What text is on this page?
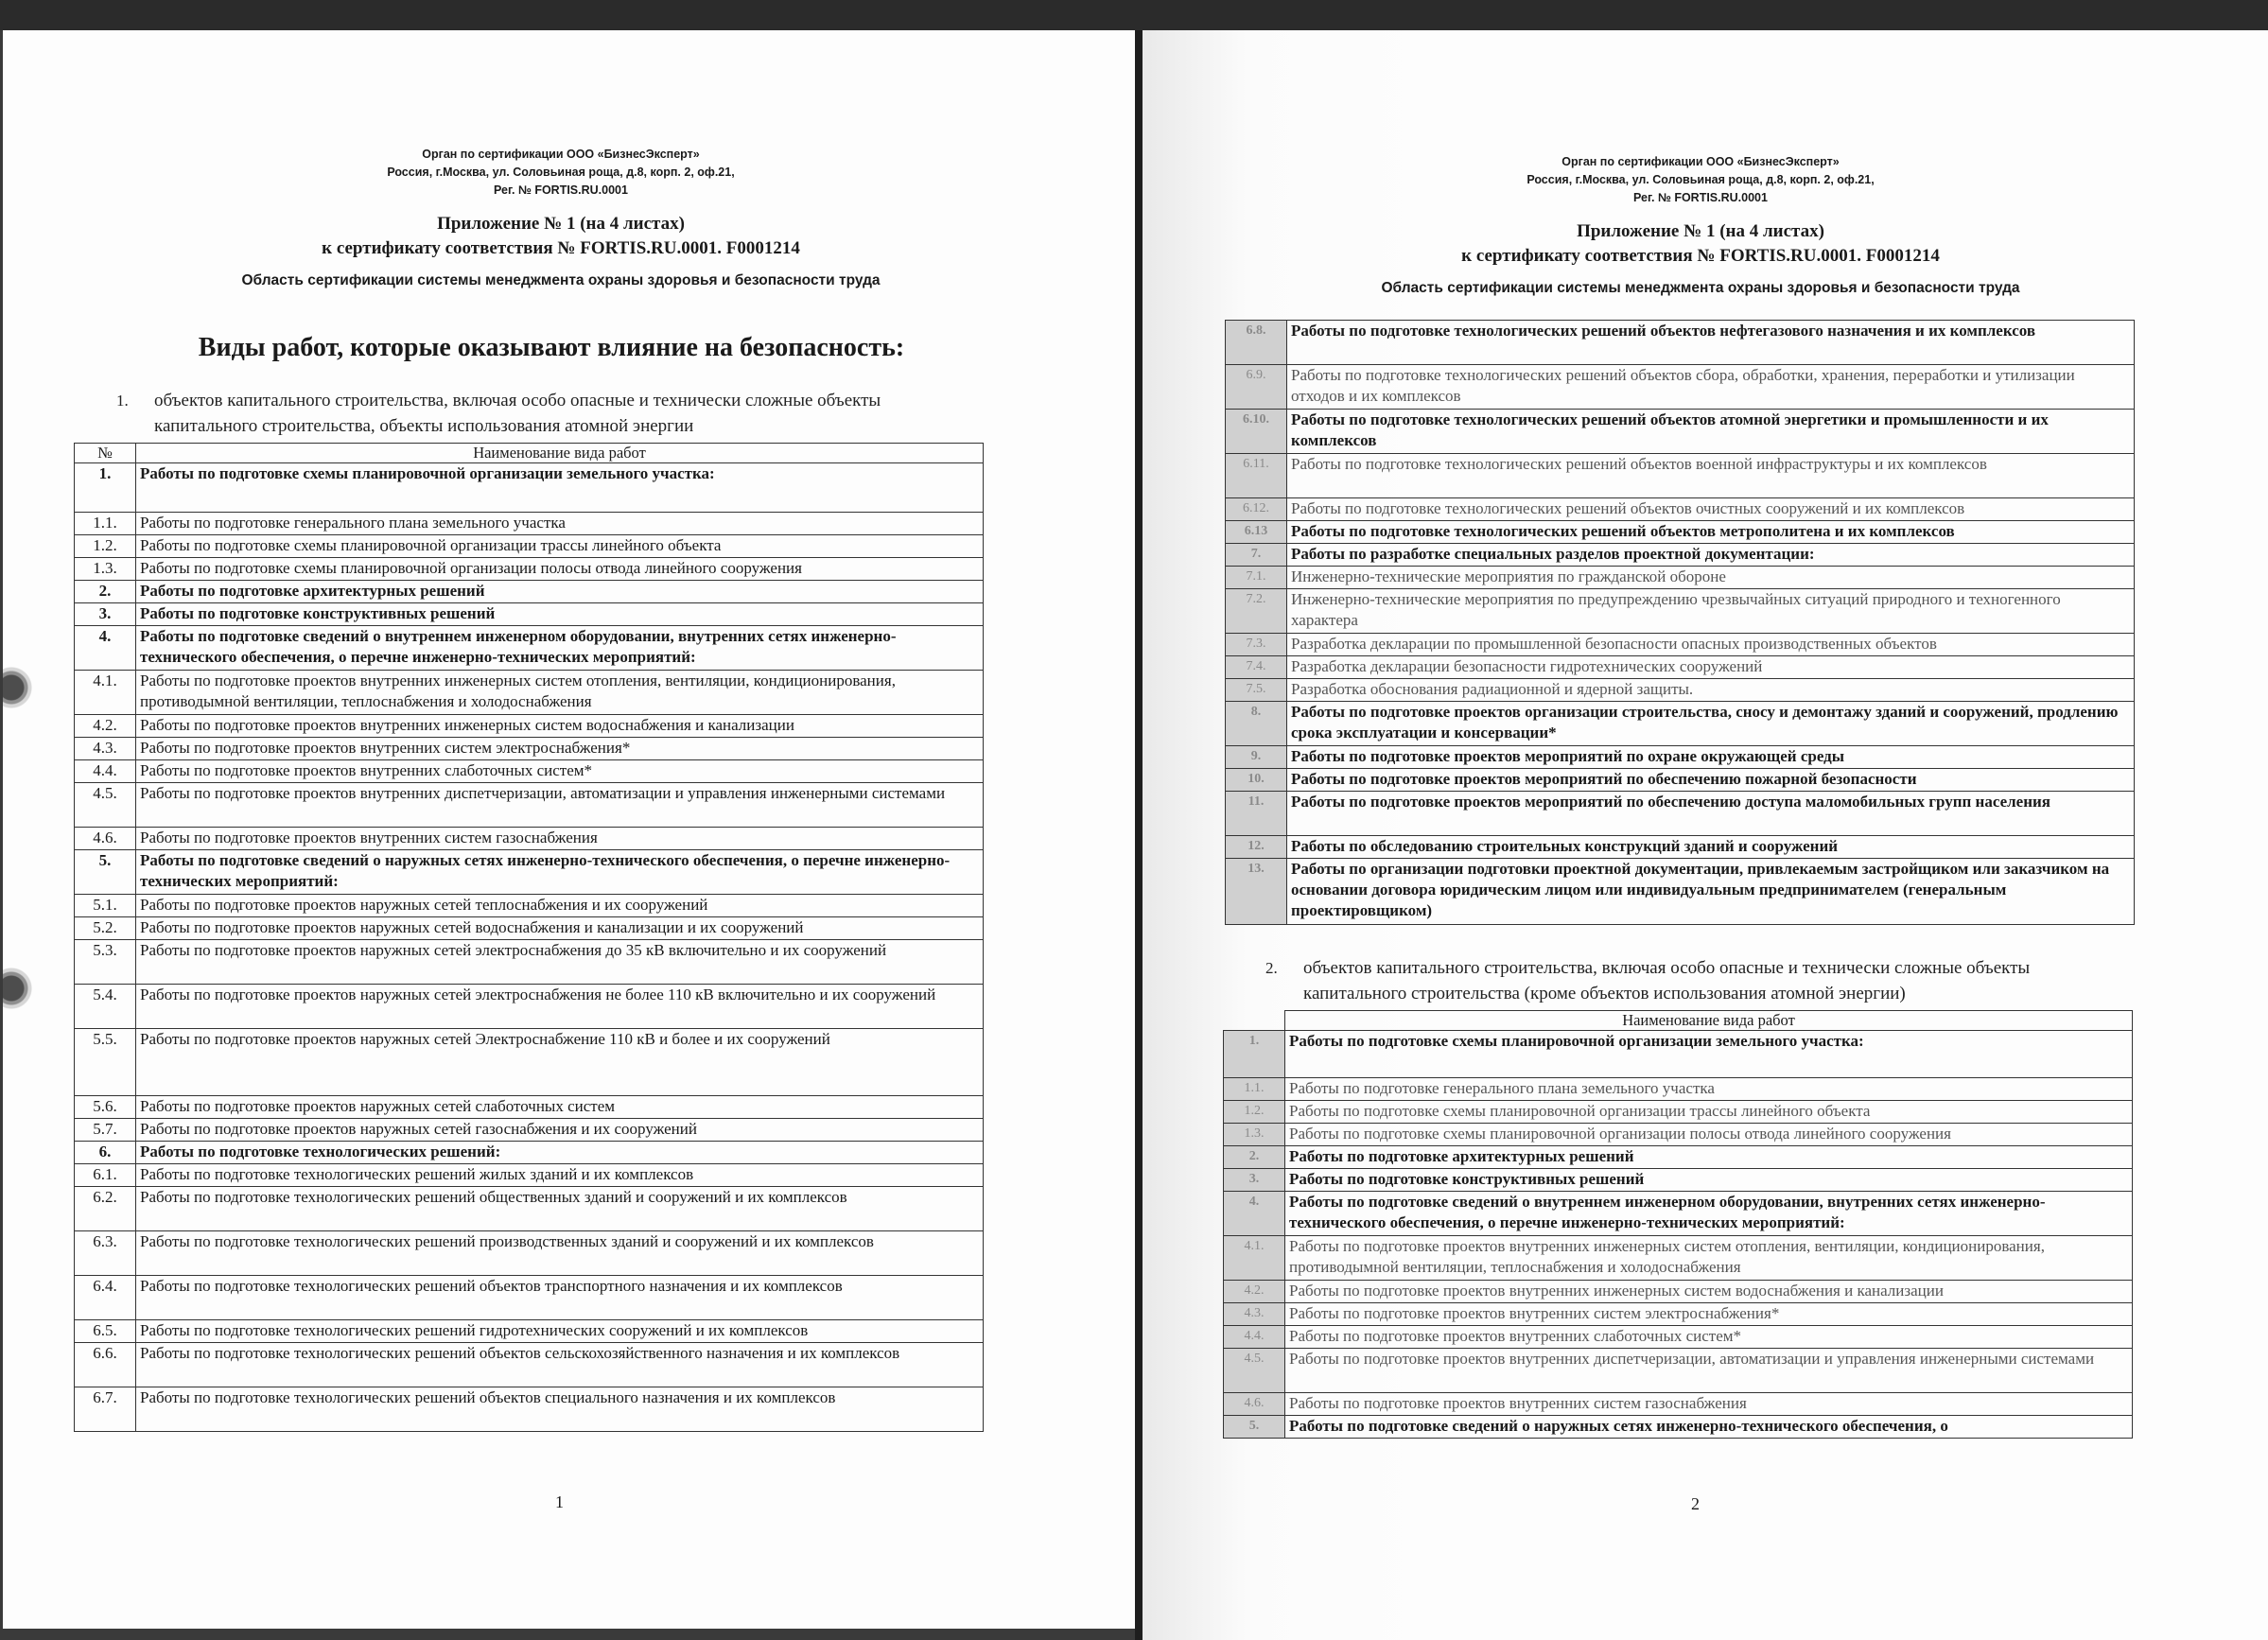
Орган по сертификации ООО «БизнесЭксперт»
Россия, г.Москва, ул. Соловьиная роща, д.8, корп. 2, оф.21,
Рег. № FORTIS.RU.0001
Приложение № 1 (на 4 листах)
к сертификату соответствия № FORTIS.RU.0001. F0001214
Область сертификации системы менеджмента охраны здоровья и безопасности труда
Виды работ, которые оказывают влияние на безопасность:
1. объектов капитального строительства, включая особо опасные и технически сложные объекты
капитального строительства, объекты использования атомной энергии
№	Наименование вида работ
1.	Работы по подготовке схемы планировочной организации земельного участка:
1.1.	Работы по подготовке генерального плана земельного участка
1.2.	Работы по подготовке схемы планировочной организации трассы линейного объекта
1.3.	Работы по подготовке схемы планировочной организации полосы отвода линейного сооружения
2.	Работы по подготовке архитектурных решений
3.	Работы по подготовке конструктивных решений
4.	Работы по подготовке сведений о внутреннем инженерном оборудовании, внутренних сетях инженерно-технического обеспечения, о перечне инженерно-технических мероприятий:
4.1.	Работы по подготовке проектов внутренних инженерных систем отопления, вентиляции, кондиционирования, противодымной вентиляции, теплоснабжения и холодоснабжения
4.2.	Работы по подготовке проектов внутренних инженерных систем водоснабжения и канализации
4.3.	Работы по подготовке проектов внутренних систем электроснабжения*
4.4.	Работы по подготовке проектов внутренних слаботочных систем*
4.5.	Работы по подготовке проектов внутренних диспетчеризации, автоматизации и управления инженерными системами
4.6.	Работы по подготовке проектов внутренних систем газоснабжения
5.	Работы по подготовке сведений о наружных сетях инженерно-технического обеспечения, о перечне инженерно-технических мероприятий:
5.1.	Работы по подготовке проектов наружных сетей теплоснабжения и их сооружений
5.2.	Работы по подготовке проектов наружных сетей водоснабжения и канализации и их сооружений
5.3.	Работы по подготовке проектов наружных сетей электроснабжения до 35 кВ включительно и их сооружений
5.4.	Работы по подготовке проектов наружных сетей электроснабжения не более 110 кВ включительно и их сооружений
5.5.	Работы по подготовке проектов наружных сетей Электроснабжение 110 кВ и более и их сооружений
5.6.	Работы по подготовке проектов наружных сетей слаботочных систем
5.7.	Работы по подготовке проектов наружных сетей газоснабжения и их сооружений
6.	Работы по подготовке технологических решений:
6.1.	Работы по подготовке технологических решений жилых зданий и их комплексов
6.2.	Работы по подготовке технологических решений общественных зданий и сооружений и их комплексов
6.3.	Работы по подготовке технологических решений производственных зданий и сооружений и их комплексов
6.4.	Работы по подготовке технологических решений объектов транспортного назначения и их комплексов
6.5.	Работы по подготовке технологических решений гидротехнических сооружений и их комплексов
6.6.	Работы по подготовке технологических решений объектов сельскохозяйственного назначения и их комплексов
6.7.	Работы по подготовке технологических решений объектов специального назначения и их комплексов
1
Орган по сертификации ООО «БизнесЭксперт»
Россия, г.Москва, ул. Соловьиная роща, д.8, корп. 2, оф.21,
Рег. № FORTIS.RU.0001
Приложение № 1 (на 4 листах)
к сертификату соответствия № FORTIS.RU.0001. F0001214
Область сертификации системы менеджмента охраны здоровья и безопасности труда
6.8.	Работы по подготовке технологических решений объектов нефтегазового назначения и их комплексов
6.9.	Работы по подготовке технологических решений объектов сбора, обработки, хранения, переработки и утилизации отходов и их комплексов
6.10.	Работы по подготовке технологических решений объектов атомной энергетики и промышленности и их комплексов
6.11.	Работы по подготовке технологических решений объектов военной инфраструктуры и их комплексов
6.12.	Работы по подготовке технологических решений объектов очистных сооружений и их комплексов
6.13	Работы по подготовке технологических решений объектов метрополитена и их комплексов
7.	Работы по разработке специальных разделов проектной документации:
7.1.	Инженерно-технические мероприятия по гражданской обороне
7.2.	Инженерно-технические мероприятия по предупреждению чрезвычайных ситуаций природного и техногенного характера
7.3.	Разработка декларации по промышленной безопасности опасных производственных объектов
7.4.	Разработка декларации безопасности гидротехнических сооружений
7.5.	Разработка обоснования радиационной и ядерной защиты.
8.	Работы по подготовке проектов организации строительства, сносу и демонтажу зданий и сооружений, продлению срока эксплуатации и консервации*
9.	Работы по подготовке проектов мероприятий по охране окружающей среды
10.	Работы по подготовке проектов мероприятий по обеспечению пожарной безопасности
11.	Работы по подготовке проектов мероприятий по обеспечению доступа маломобильных групп населения
12.	Работы по обследованию строительных конструкций зданий и сооружений
13.	Работы по организации подготовки проектной документации, привлекаемым застройщиком или заказчиком на основании договора юридическим лицом или индивидуальным предпринимателем (генеральным проектировщиком)
2. объектов капитального строительства, включая особо опасные и технически сложные объекты
капитального строительства (кроме объектов использования атомной энергии)
	Наименование вида работ
1.	Работы по подготовке схемы планировочной организации земельного участка:
1.1.	Работы по подготовке генерального плана земельного участка
1.2.	Работы по подготовке схемы планировочной организации трассы линейного объекта
1.3.	Работы по подготовке схемы планировочной организации полосы отвода линейного сооружения
2.	Работы по подготовке архитектурных решений
3.	Работы по подготовке конструктивных решений
4.	Работы по подготовке сведений о внутреннем инженерном оборудовании, внутренних сетях инженерно-технического обеспечения, о перечне инженерно-технических мероприятий:
4.1.	Работы по подготовке проектов внутренних инженерных систем отопления, вентиляции, кондиционирования, противодымной вентиляции, теплоснабжения и холодоснабжения
4.2.	Работы по подготовке проектов внутренних инженерных систем водоснабжения и канализации
4.3.	Работы по подготовке проектов внутренних систем электроснабжения*
4.4.	Работы по подготовке проектов внутренних слаботочных систем*
4.5.	Работы по подготовке проектов внутренних диспетчеризации, автоматизации и управления инженерными системами
4.6.	Работы по подготовке проектов внутренних систем газоснабжения
5.	Работы по подготовке сведений о наружных сетях инженерно-технического обеспечения, о
2
